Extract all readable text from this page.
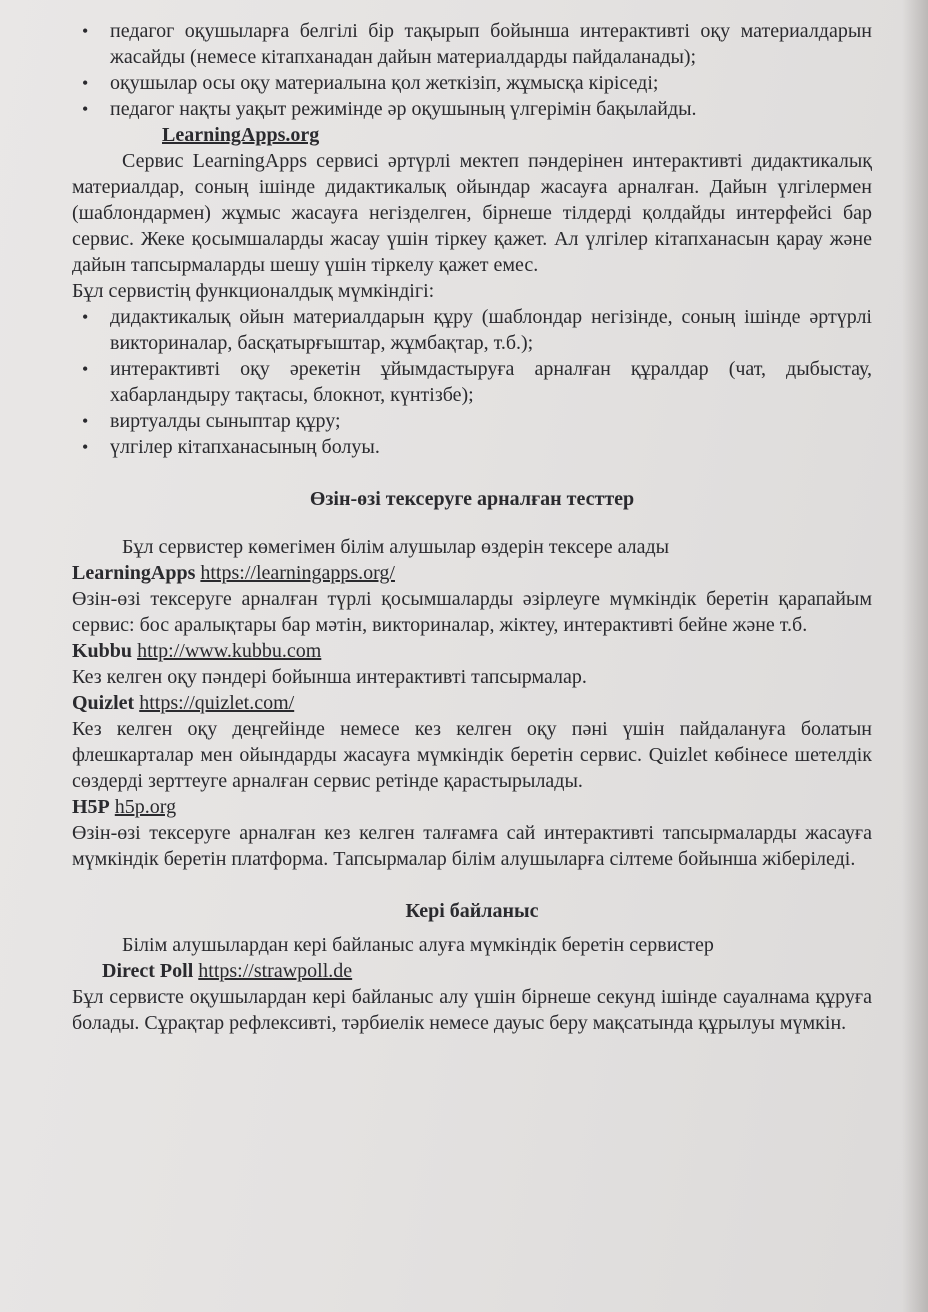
• педагог оқушыларға белгілі бір тақырып бойынша интерактивті оқу материалдарын жасайды (немесе кітапханадан дайын материалдарды пайдаланады);
• оқушылар осы оқу материалына қол жеткізіп, жұмысқа кіріседі;
• педагог нақты уақыт режимінде әр оқушының үлгерімін бақылайды.
LearningApps.org

Сервис LearningApps сервисі әртүрлі мектеп пәндерінен интерактивті дидактикалық материалдар, соның ішінде дидактикалық ойындар жасауға арналған. Дайын үлгілермен (шаблондармен) жұмыс жасауға негізделген, бірнеше тілдерді қолдайды интерфейсі бар сервис. Жеке қосымшаларды жасау үшін тіркеу қажет. Ал үлгілер кітапханасын қарау және дайын тапсырмаларды шешу үшін тіркелу қажет емес.

Бұл сервистің функционалдық мүмкіндігі:

• дидактикалық ойын материалдарын құру (шаблондар негізінде, соның ішінде әртүрлі викториналар, басқатырғыштар, жұмбақтар, т.б.);
• интерактивті оқу әрекетін ұйымдастыруға арналған құралдар (чат, дыбыстау, хабарландыру тақтасы, блокнот, күнтізбе);
• виртуалды сыныптар құру;
• үлгілер кітапханасының болуы.
Өзін-өзі тексеруге арналған тесттер

Бұл сервистер көмегімен білім алушылар өздерін тексере алады

LearningApps https://learningapps.org/

Өзін-өзі тексеруге арналған түрлі қосымшаларды әзірлеуге мүмкіндік беретін қарапайым сервис: бос аралықтары бар мәтін, викториналар, жіктеу, интерактивті бейне және т.б.

Kubbu http://www.kubbu.com

Кез келген оқу пәндері бойынша интерактивті тапсырмалар.

Quizlet https://quizlet.com/

Кез келген оқу деңгейінде немесе кез келген оқу пәні үшін пайдалануға болатын флешкарталар мен ойындарды жасауға мүмкіндік беретін сервис. Quizlet көбінесе шетелдік сөздерді зерттеуге арналған сервис ретінде қарастырылады.

H5P h5p.org

Өзін-өзі тексеруге арналған кез келген талғамға сай интерактивті тапсырмаларды жасауға мүмкіндік беретін платформа. Тапсырмалар білім алушыларға сілтеме бойынша жіберіледі.

Кері байланыс

Білім алушылардан кері байланыс алуға мүмкіндік беретін сервистер

Direct Poll https://strawpoll.de

Бұл сервисте оқушылардан кері байланыс алу үшін бірнеше секунд ішінде сауалнама құруға болады. Сұрақтар рефлексивті, тәрбиелік немесе дауыс беру мақсатында құрылуы мүмкін.
